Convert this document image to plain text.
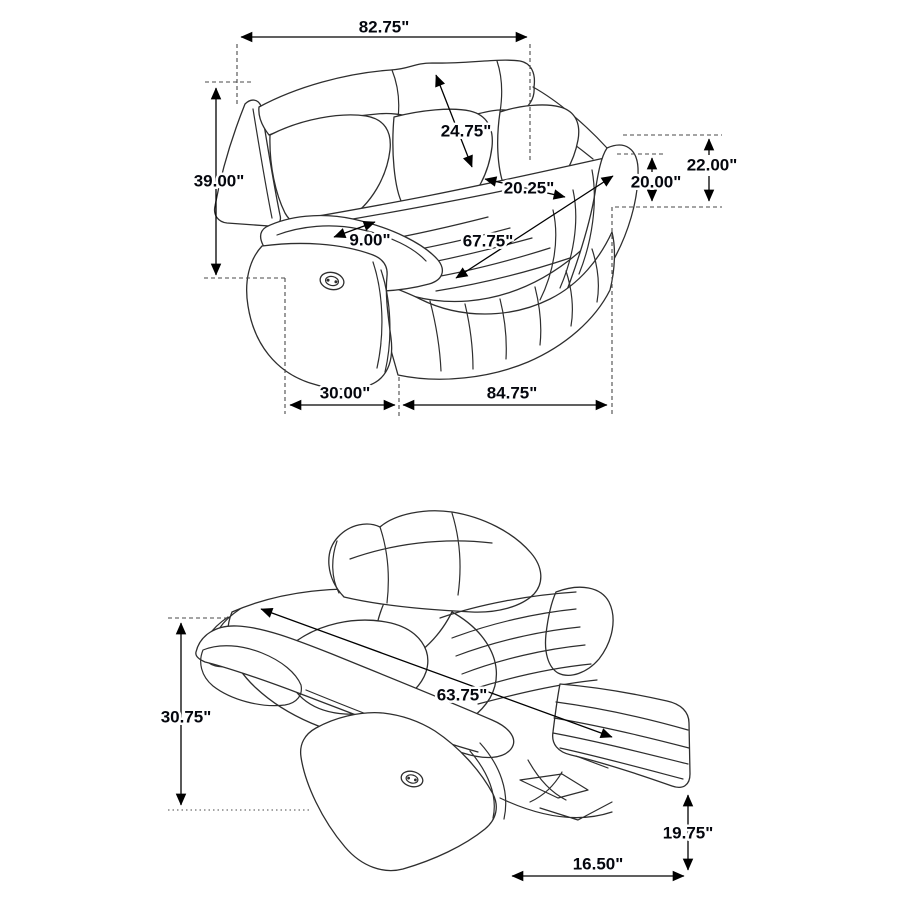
82.75"
39.00"
24.75"
20.25"
22.00"
20.00"
9.00"	67.75"
30.00"	84.75"
30.75"
63.75"
19.75"
16.50"
